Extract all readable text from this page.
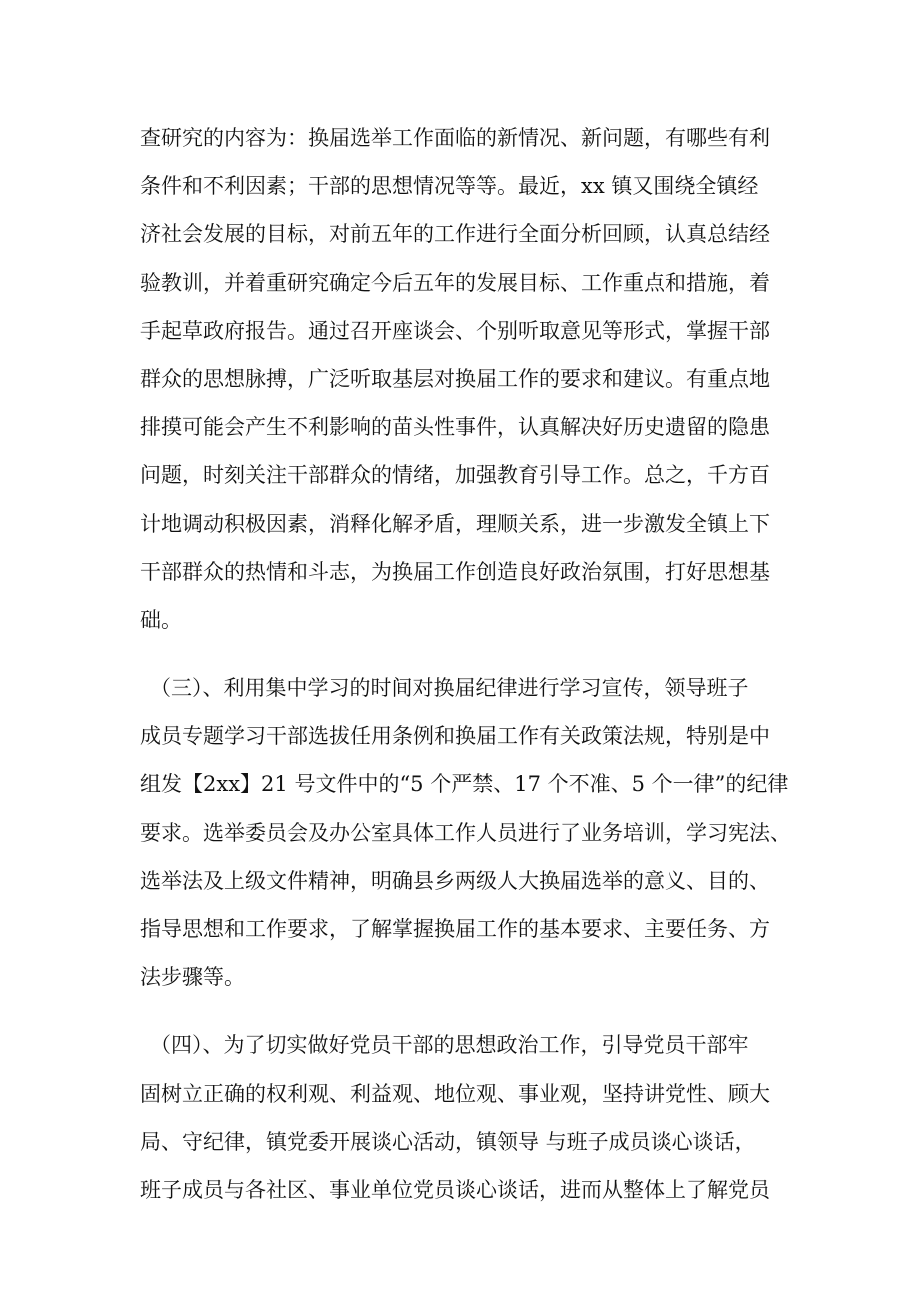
查研究的内容为：换届选举工作面临的新情况、新问题，有哪些有利
条件和不利因素；干部的思想情况等等。最近，xx 镇又围绕全镇经
济社会发展的目标，对前五年的工作进行全面分析回顾，认真总结经
验教训，并着重研究确定今后五年的发展目标、工作重点和措施，着
手起草政府报告。通过召开座谈会、个别听取意见等形式，掌握干部
群众的思想脉搏，广泛听取基层对换届工作的要求和建议。有重点地
排摸可能会产生不利影响的苗头性事件，认真解决好历史遗留的隐患
问题，时刻关注干部群众的情绪，加强教育引导工作。总之，千方百
计地调动积极因素，消释化解矛盾，理顺关系，进一步激发全镇上下
干部群众的热情和斗志，为换届工作创造良好政治氛围，打好思想基
础。
（三）、利用集中学习的时间对换届纪律进行学习宣传，领导班子
成员专题学习干部选拔任用条例和换届工作有关政策法规，特别是中
组发【2xx】21 号文件中的“5 个严禁、17 个不准、5 个一律”的纪律
要求。选举委员会及办公室具体工作人员进行了业务培训，学习宪法、
选举法及上级文件精神，明确县乡两级人大换届选举的意义、目的、
指导思想和工作要求，了解掌握换届工作的基本要求、主要任务、方
法步骤等。
（四）、为了切实做好党员干部的思想政治工作，引导党员干部牢
固树立正确的权利观、利益观、地位观、事业观，坚持讲党性、顾大
局、守纪律，镇党委开展谈心活动，镇领导 与班子成员谈心谈话，
班子成员与各社区、事业单位党员谈心谈话，进而从整体上了解党员
